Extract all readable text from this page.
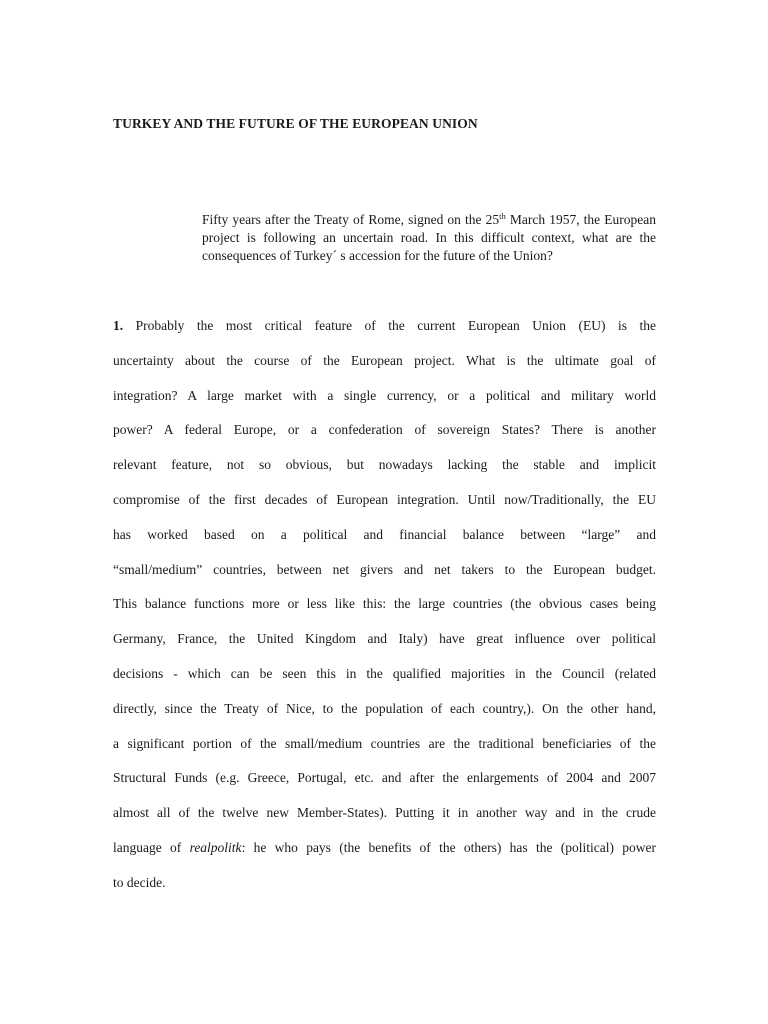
TURKEY AND THE FUTURE OF THE EUROPEAN UNION

Fifty years after the Treaty of Rome, signed on the 25th March 1957, the European project is following an uncertain road. In this difficult context, what are the consequences of Turkey´ s accession for the future of the Union?

1. Probably the most critical feature of the current European Union (EU) is the
uncertainty about the course of the European project. What is the ultimate goal of
integration? A large market with a single currency, or a political and military world
power? A federal Europe, or a confederation of sovereign States? There is another
relevant feature, not so obvious, but nowadays lacking the stable and implicit
compromise of the first decades of European integration. Until now/Traditionally, the EU
has worked based on a political and financial balance between “large” and
“small/medium” countries, between net givers and net takers to the European budget.
This balance functions more or less like this: the large countries (the obvious cases being
Germany, France, the United Kingdom and Italy) have great influence over political
decisions - which can be seen this in the qualified majorities in the Council (related
directly, since the Treaty of Nice, to the population of each country,). On the other hand,
a significant portion of the small/medium countries are the traditional beneficiaries of the
Structural Funds (e.g. Greece, Portugal, etc. and after the enlargements of 2004 and 2007
almost all of the twelve new Member-States). Putting it in another way and in the crude
language of realpolitk: he who pays (the benefits of the others) has the (political) power
to decide.
